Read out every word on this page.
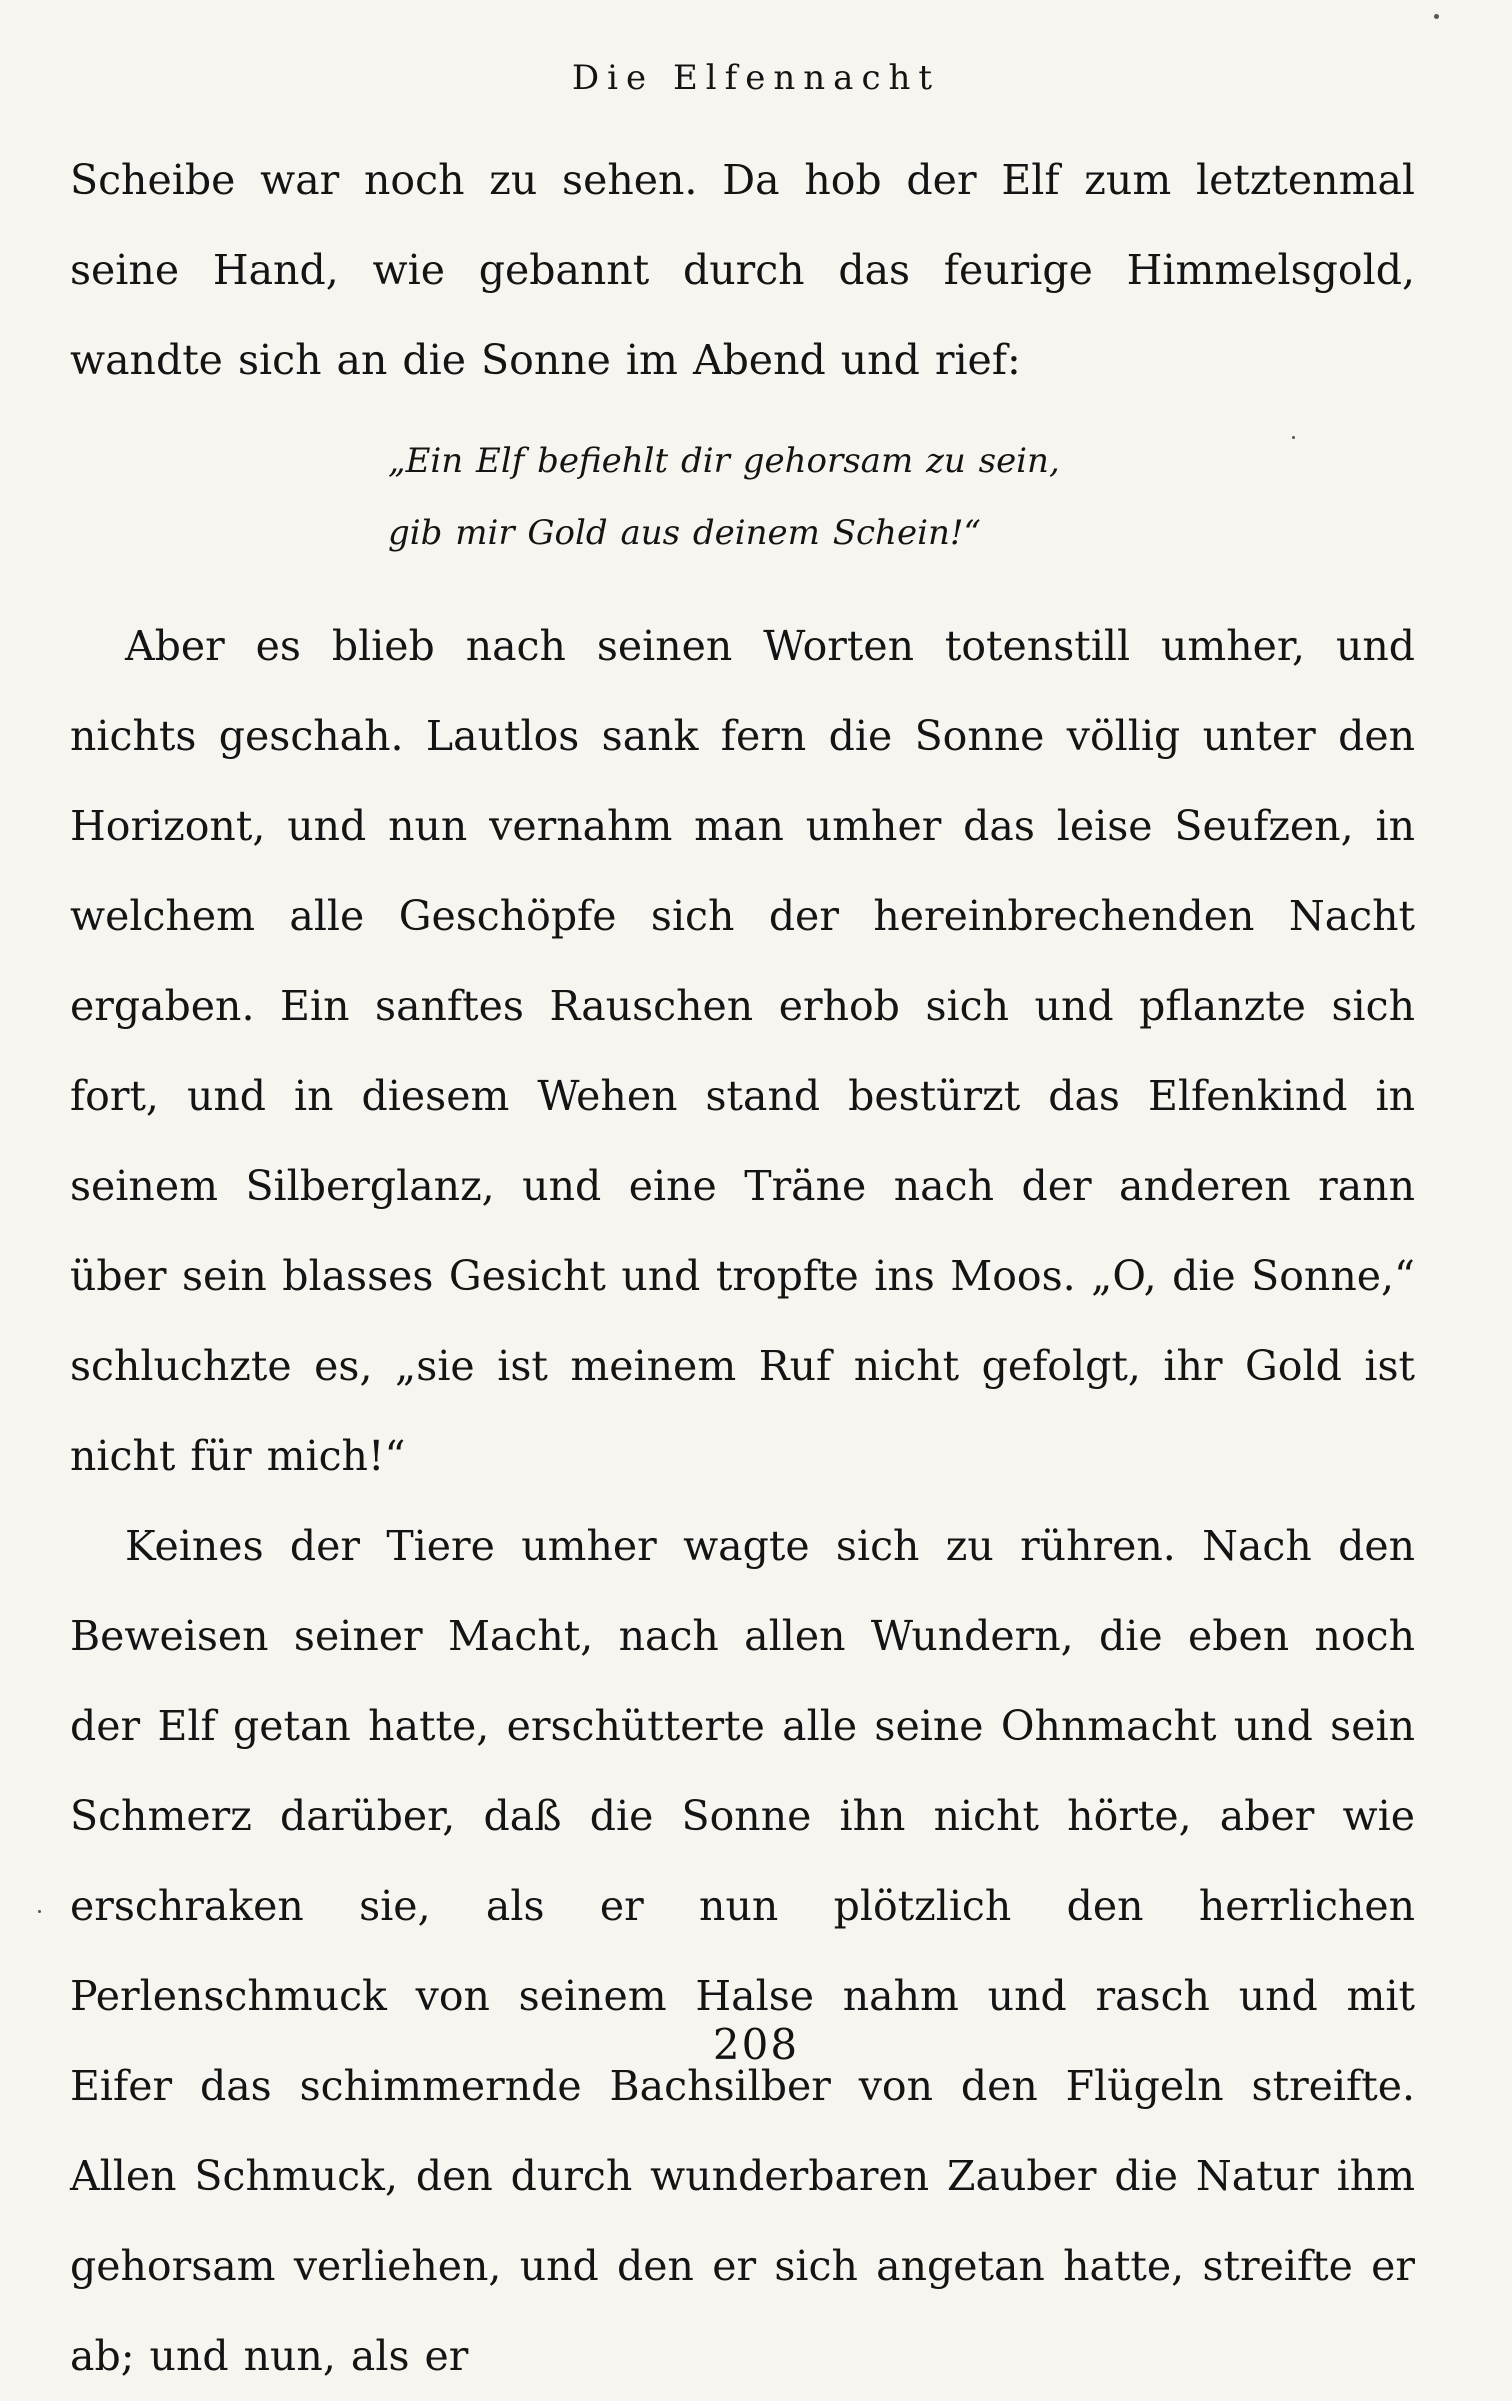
Die Elfennacht

Scheibe war noch zu sehen. Da hob der Elf zum letztenmal seine Hand, wie gebannt durch das feurige Himmelsgold, wandte sich an die Sonne im Abend und rief:

„Ein Elf befiehlt dir gehorsam zu sein,
gib mir Gold aus deinem Schein!“

Aber es blieb nach seinen Worten totenstill umher, und nichts geschah. Lautlos sank fern die Sonne völlig unter den Horizont, und nun vernahm man umher das leise Seufzen, in welchem alle Geschöpfe sich der hereinbrechenden Nacht ergaben. Ein sanftes Rauschen erhob sich und pflanzte sich fort, und in diesem Wehen stand bestürzt das Elfenkind in seinem Silberglanz, und eine Träne nach der anderen rann über sein blasses Gesicht und tropfte ins Moos. „O, die Sonne,“ schluchzte es, „sie ist meinem Ruf nicht gefolgt, ihr Gold ist nicht für mich!“

Keines der Tiere umher wagte sich zu rühren. Nach den Beweisen seiner Macht, nach allen Wundern, die eben noch der Elf getan hatte, erschütterte alle seine Ohnmacht und sein Schmerz darüber, daß die Sonne ihn nicht hörte, aber wie erschraken sie, als er nun plötzlich den herrlichen Perlenschmuck von seinem Halse nahm und rasch und mit Eifer das schimmernde Bachsilber von den Flügeln streifte. Allen Schmuck, den durch wunderbaren Zauber die Natur ihm gehorsam verliehen, und den er sich angetan hatte, streifte er ab; und nun, als er

208
